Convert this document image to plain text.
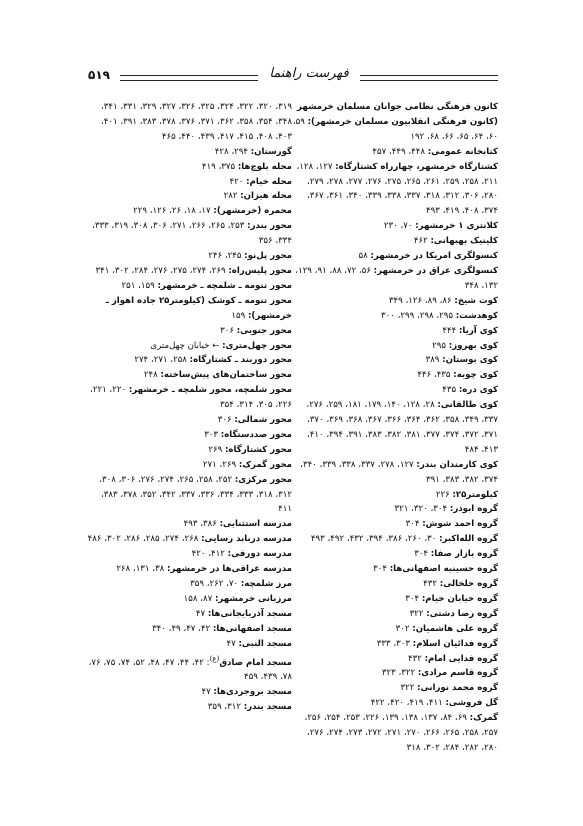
۵۱۹	فهرست راهنما

کانون فرهنگی نظامی جوانان مسلمان خرمشهر (کانون فرهنگی انقلابیون مسلمان خرمشهر): ۵۹، ۶۰، ۶۴، ۶۵، ۶۶، ۶۸، ۱۹۲

کتابخانه عمومی: ۴۴۸، ۴۴۹، ۴۵۷

کشتارگاه خرمشهر، چهارراه کشتارگاه: ۱۲۷، ۱۲۸، ۲۱۱، ۲۵۸، ۲۵۹، ۲۶۱، ۲۶۵، ۲۷۵، ۲۷۶، ۲۷۷، ۲۷۸، ۲۷۹، ۲۸۰، ۳۰۶، ۳۱۲، ۳۱۸، ۳۳۷، ۳۳۸، ۳۳۹، ۳۴۰، ۳۶۱، ۳۶۷، ۳۷۴، ۴۰۸، ۴۱۹، ۴۹۳

کلانتری ۱ خرمشهر: ۷۰، ۲۳۰

کلینیک بهبهانی: ۴۶۲

کنسولگری امریکا در خرمشهر: ۵۸

کنسولگری عراق در خرمشهر: ۵۶، ۷۲، ۸۸، ۹۱، ۱۲۹، ۱۳۲، ۳۴۸

کوت شیخ: ۸۶، ۸۹، ۱۲۶، ۳۴۹

کوهدشت: ۲۹۵، ۲۹۸، ۲۹۹، ۳۰۰

کوی آریا: ۴۴۴

کوی بهروز: ۲۹۵

کوی بوستان: ۳۸۹

کوی چوبه: ۴۳۵، ۴۴۶

کوی دره: ۴۳۵

کوی طالقانی: ۲۸، ۱۲۸، ۱۴۰، ۱۷۹، ۱۸۱، ۲۵۹، ۲۷۶، ۳۳۷، ۳۴۹، ۳۵۸، ۳۶۲، ۳۶۴، ۳۶۶، ۳۶۷، ۳۶۸، ۳۶۹، ۳۷۰، ۳۷۱، ۳۷۲، ۳۷۴، ۳۷۷، ۳۸۱، ۳۸۲، ۳۸۳، ۳۹۱، ۳۹۴، ۴۱۰، ۴۱۳، ۴۸۴

کوی کارمندان بندر: ۱۲۷، ۲۷۸، ۳۳۷، ۳۳۸، ۳۳۹، ۳۴۰، ۳۷۴، ۳۸۲، ۳۸۳، ۳۹۱

کیلومتر۲۵: ۲۲۶

گروه ابوذر: ۳۰۴، ۳۲۰، ۳۲۱

گروه احمد شوش: ۳۰۴

گروه الله‌اکبر: ۳۰، ۲۶۰، ۳۸۶، ۳۹۴، ۴۳۲، ۴۹۲، ۴۹۳

گروه بازار صفا: ۳۰۴

گروه حسینیه اصفهانی‌ها: ۳۰۴

گروه خلخالی: ۴۳۲

گروه خیابان خیام: ۳۰۴

گروه رضا دشتی: ۳۲۲

گروه علی هاشمیان: ۳۰۲

گروه فدائیان اسلام: ۳۰۳، ۳۳۳

گروه فدایی امام: ۴۳۲

گروه قاسم مرادی: ۳۲۲، ۳۲۳

گروه محمد نورانی: ۳۲۲

گل فروشی: ۴۱۱، ۴۱۹، ۴۲۰، ۴۲۲

گمرک: ۶۹، ۸۴، ۱۳۷، ۱۳۸، ۱۳۹، ۲۲۶، ۲۵۳، ۲۵۴، ۲۵۶، ۲۵۷، ۲۵۸، ۲۶۵، ۲۶۶، ۲۷۰، ۲۷۱، ۲۷۲، ۲۷۳، ۲۷۴، ۲۷۶، ۲۸۰، ۲۸۲، ۲۸۴، ۳۰۲، ۳۱۸

۳۱۹، ۳۲۰، ۳۲۲، ۳۲۴، ۳۲۵، ۳۲۶، ۳۲۷، ۳۲۹، ۳۳۱، ۳۴۱، ۳۴۸، ۳۵۴، ۳۵۸، ۳۶۲، ۳۷۱، ۳۷۶، ۳۷۸، ۳۸۳، ۳۹۱، ۴۰۱، ۴۰۳، ۴۰۸، ۴۱۵، ۴۱۷، ۴۳۹، ۴۴۰، ۴۶۵

گورستان: ۲۹۴، ۴۲۸

محله بلوچ‌ها: ۳۷۵، ۴۱۹

محله خیام: ۴۲۰

محله هیزان: ۲۸۲

محمره (خرمشهر): ۱۷، ۱۸، ۲۶، ۱۲۶، ۲۲۹

محور بندر: ۲۵۳، ۲۶۵، ۲۶۶، ۲۷۱، ۳۰۶، ۳۰۸، ۳۱۹، ۳۳۳، ۳۳۴، ۳۵۶

محور پل‌نو: ۲۴۵، ۲۴۶

محور پلیس‌راه: ۲۶۹، ۲۷۴، ۲۷۵، ۲۷۶، ۲۸۴، ۳۰۲، ۳۴۱

محور تنومه ـ شلمچه ـ خرمشهر: ۱۵۹، ۲۵۱

محور تنومه ـ کوشک (کیلومتر۲۵ جاده اهواز ـ خرمشهر): ۱۵۹

محور جنوبی: ۳۰۶

محور چهل‌متری: ← خیابان چهل‌متری

محور دوربند ـ کشتارگاه: ۲۵۸، ۲۷۱، ۲۷۴

محور ساختمان‌های پیش‌ساخته: ۲۴۸

محور شلمچه، محور شلمچه ـ خرمشهر: ۲۲۰، ۲۲۱، ۲۲۶، ۳۰۵، ۳۱۴، ۳۵۴

محور شمالی: ۳۰۶

محور صددستگاه: ۳۰۳

محور کشتارگاه: ۲۶۹

محور گمرک: ۲۶۹، ۲۷۱

محور مرکزی: ۲۵۲، ۲۵۸، ۲۶۵، ۲۷۴، ۲۷۶، ۳۰۶، ۳۰۸، ۳۱۲، ۳۱۸، ۳۳۳، ۳۳۴، ۳۳۶، ۳۳۷، ۳۴۲، ۳۵۲، ۳۷۸، ۳۸۳، ۴۱۱

مدرسه استثنایی: ۳۸۶، ۴۹۳

مدرسه دربابد رسایی: ۲۶۸، ۲۷۴، ۲۸۵، ۲۸۶، ۳۰۲، ۴۸۶

مدرسه دورقی: ۴۱۲، ۴۲۰

مدرسه عراقی‌ها در خرمشهر: ۳۸، ۱۳۱، ۲۶۸

مرز شلمچه: ۷۰، ۲۶۲، ۳۵۹

مرزبانی خرمشهر: ۸۷، ۱۵۸

مسجد آذربایجانی‌ها: ۴۷

مسجد اصفهانی‌ها: ۴۲، ۴۷، ۴۹، ۳۴۰

مسجد النبی: ۴۷

مسجد امام صادق$^{(ع)}$: ۴۲، ۴۴، ۴۷، ۴۸، ۵۲، ۷۴، ۷۵، ۷۶، ۷۸، ۴۳۹، ۴۵۹

مسجد بروجردی‌ها: ۴۷

مسجد بندر: ۳۱۲، ۳۵۹
